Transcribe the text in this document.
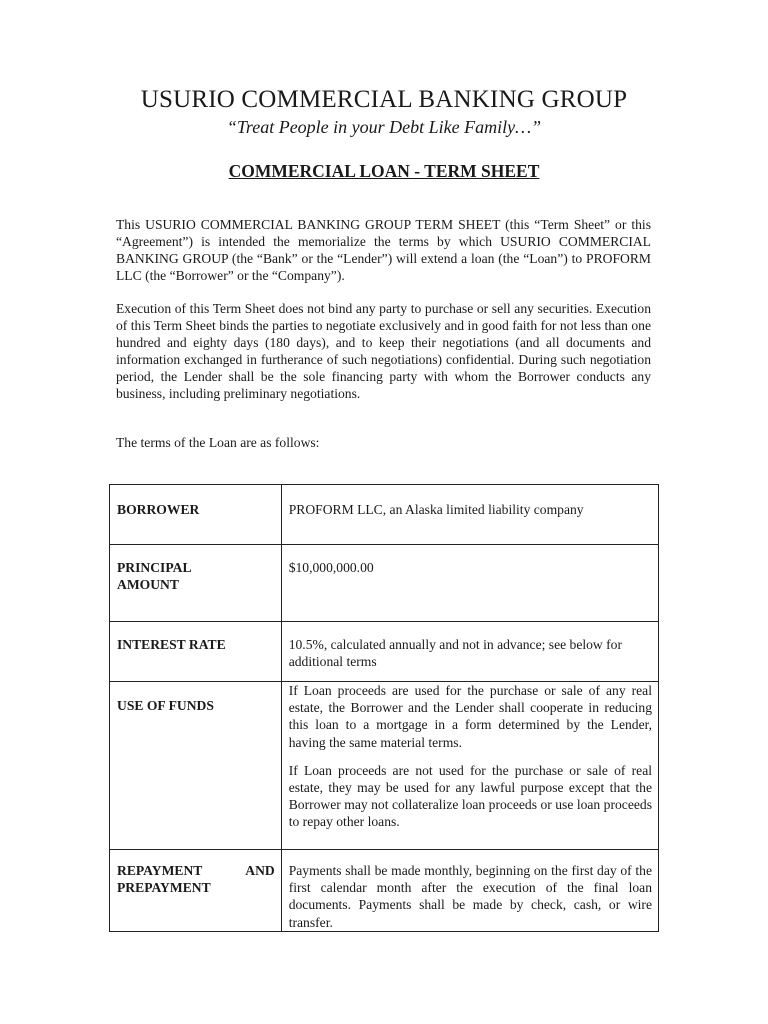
USURIO COMMERCIAL BANKING GROUP

“Treat People in your Debt Like Family…”

COMMERCIAL LOAN - TERM SHEET

This USURIO COMMERCIAL BANKING GROUP TERM SHEET (this “Term Sheet” or this “Agreement”) is intended the memorialize the terms by which USURIO COMMERCIAL BANKING GROUP (the “Bank” or the “Lender”) will extend a loan (the “Loan”) to PROFORM LLC (the “Borrower” or the “Company”).

Execution of this Term Sheet does not bind any party to purchase or sell any securities. Execution of this Term Sheet binds the parties to negotiate exclusively and in good faith for not less than one hundred and eighty days (180 days), and to keep their negotiations (and all documents and information exchanged in furtherance of such negotiations) confidential. During such negotiation period, the Lender shall be the sole financing party with whom the Borrower conducts any business, including preliminary negotiations.

The terms of the Loan are as follows:

BORROWER	PROFORM LLC, an Alaska limited liability company

PRINCIPAL AMOUNT	$10,000,000.00

INTEREST RATE	10.5%, calculated annually and not in advance; see below for additional terms

USE OF FUNDS	If Loan proceeds are used for the purchase or sale of any real estate, the Borrower and the Lender shall cooperate in reducing this loan to a mortgage in a form determined by the Lender, having the same material terms.

If Loan proceeds are not used for the purchase or sale of real estate, they may be used for any lawful purpose except that the Borrower may not collateralize loan proceeds or use loan proceeds to repay other loans.

REPAYMENT AND PREPAYMENT	Payments shall be made monthly, beginning on the first day of the first calendar month after the execution of the final loan documents. Payments shall be made by check, cash, or wire transfer.
